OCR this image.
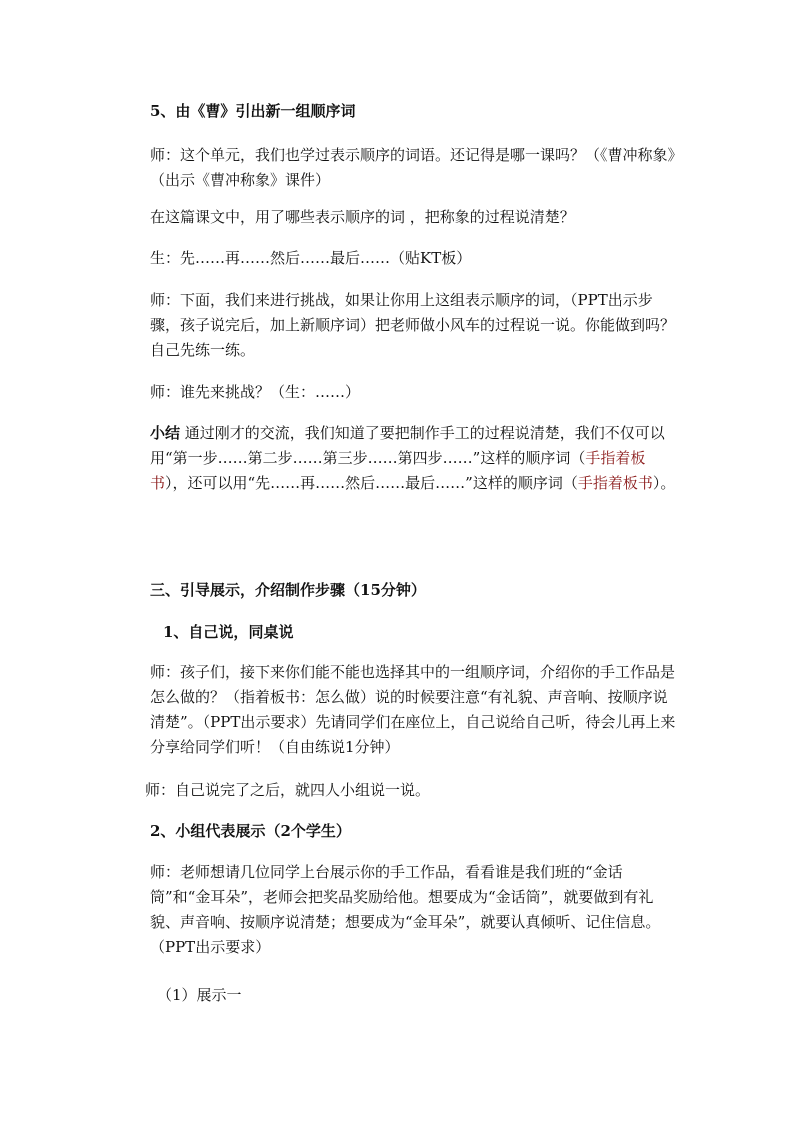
5、由《曹》引出新一组顺序词

师：这个单元，我们也学过表示顺序的词语。还记得是哪一课吗？（《曹冲称象》（出示《曹冲称象》课件）

在这篇课文中，用了哪些表示顺序的词 ，把称象的过程说清楚？

生：先……再……然后……最后……（贴KT板）

师：下面，我们来进行挑战，如果让你用上这组表示顺序的词，（PPT出示步骤，孩子说完后，加上新顺序词）把老师做小风车的过程说一说。你能做到吗？自己先练一练。

师：谁先来挑战？（生：……）

小结 通过刚才的交流，我们知道了要把制作手工的过程说清楚，我们不仅可以用“第一步……第二步……第三步……第四步……”这样的顺序词（手指着板书），还可以用“先……再……然后……最后……”这样的顺序词（手指着板书）。

三、引导展示，介绍制作步骤（15分钟）

1、自己说，同桌说

师：孩子们，接下来你们能不能也选择其中的一组顺序词，介绍你的手工作品是怎么做的？（指着板书：怎么做）说的时候要注意“有礼貌、声音响、按顺序说清楚”。（PPT出示要求）先请同学们在座位上，自己说给自己听，待会儿再上来分享给同学们听！（自由练说1分钟）

师：自己说完了之后，就四人小组说一说。

2、小组代表展示（2个学生）

师：老师想请几位同学上台展示你的手工作品，看看谁是我们班的“金话筒”和“金耳朵”，老师会把奖品奖励给他。想要成为“金话筒”，就要做到有礼貌、声音响、按顺序说清楚；想要成为“金耳朵”，就要认真倾听、记住信息。（PPT出示要求）

（1）展示一
